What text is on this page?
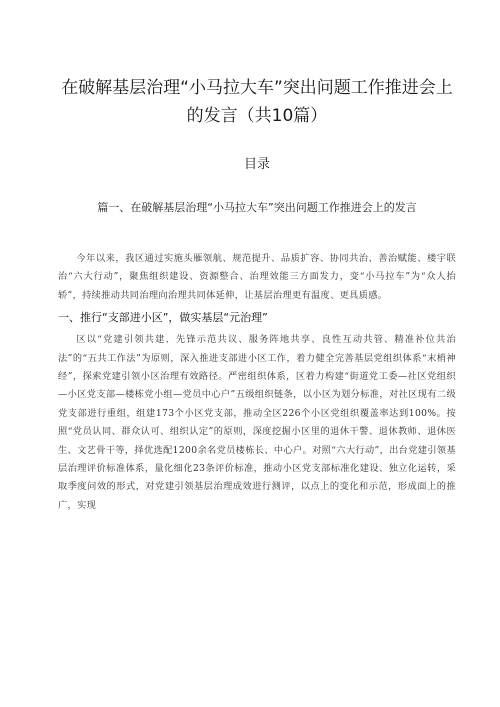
在破解基层治理“小马拉大车”突出问题工作推进会上的发言（共10篇）
目录
篇一、在破解基层治理“小马拉大车”突出问题工作推进会上的发言

今年以来，我区通过实施头雁领航、规范提升、品质扩容、协同共治、善治赋能、楼宇联治“六大行动”，聚焦组织建设、资源整合、治理效能三方面发力，变“小马拉车”为“众人抬轿”，持续推动共同治理向治理共同体延伸，让基层治理更有温度、更具质感。

一、推行“支部进小区”，做实基层“元治理”

区以“党建引领共建、先锋示范共议、服务阵地共享、良性互动共管、精准补位共治法”的“五共工作法”为原则，深入推进支部进小区工作，着力健全完善基层党组织体系“末梢神经”，探索党建引领小区治理有效路径。严密组织体系，区着力构建“街道党工委—社区党组织—小区党支部—楼栋党小组—党员中心户”五级组织链条，以小区为划分标准，对社区现有二级党支部进行重组，组建173个小区党支部，推动全区226个小区党组织覆盖率达到100%。按照“党员认同、群众认可、组织认定”的原则，深度挖掘小区里的退休干警、退休教师、退休医生、文艺骨干等，择优选配1200余名党员楼栋长、中心户。对照“六大行动”，出台党建引领基层治理评价标准体系，量化细化23条评价标准，推动小区党支部标准化建设、独立化运转，采取季度问效的形式，对党建引领基层治理成效进行测评，以点上的变化和示范，形成面上的推广，实现
